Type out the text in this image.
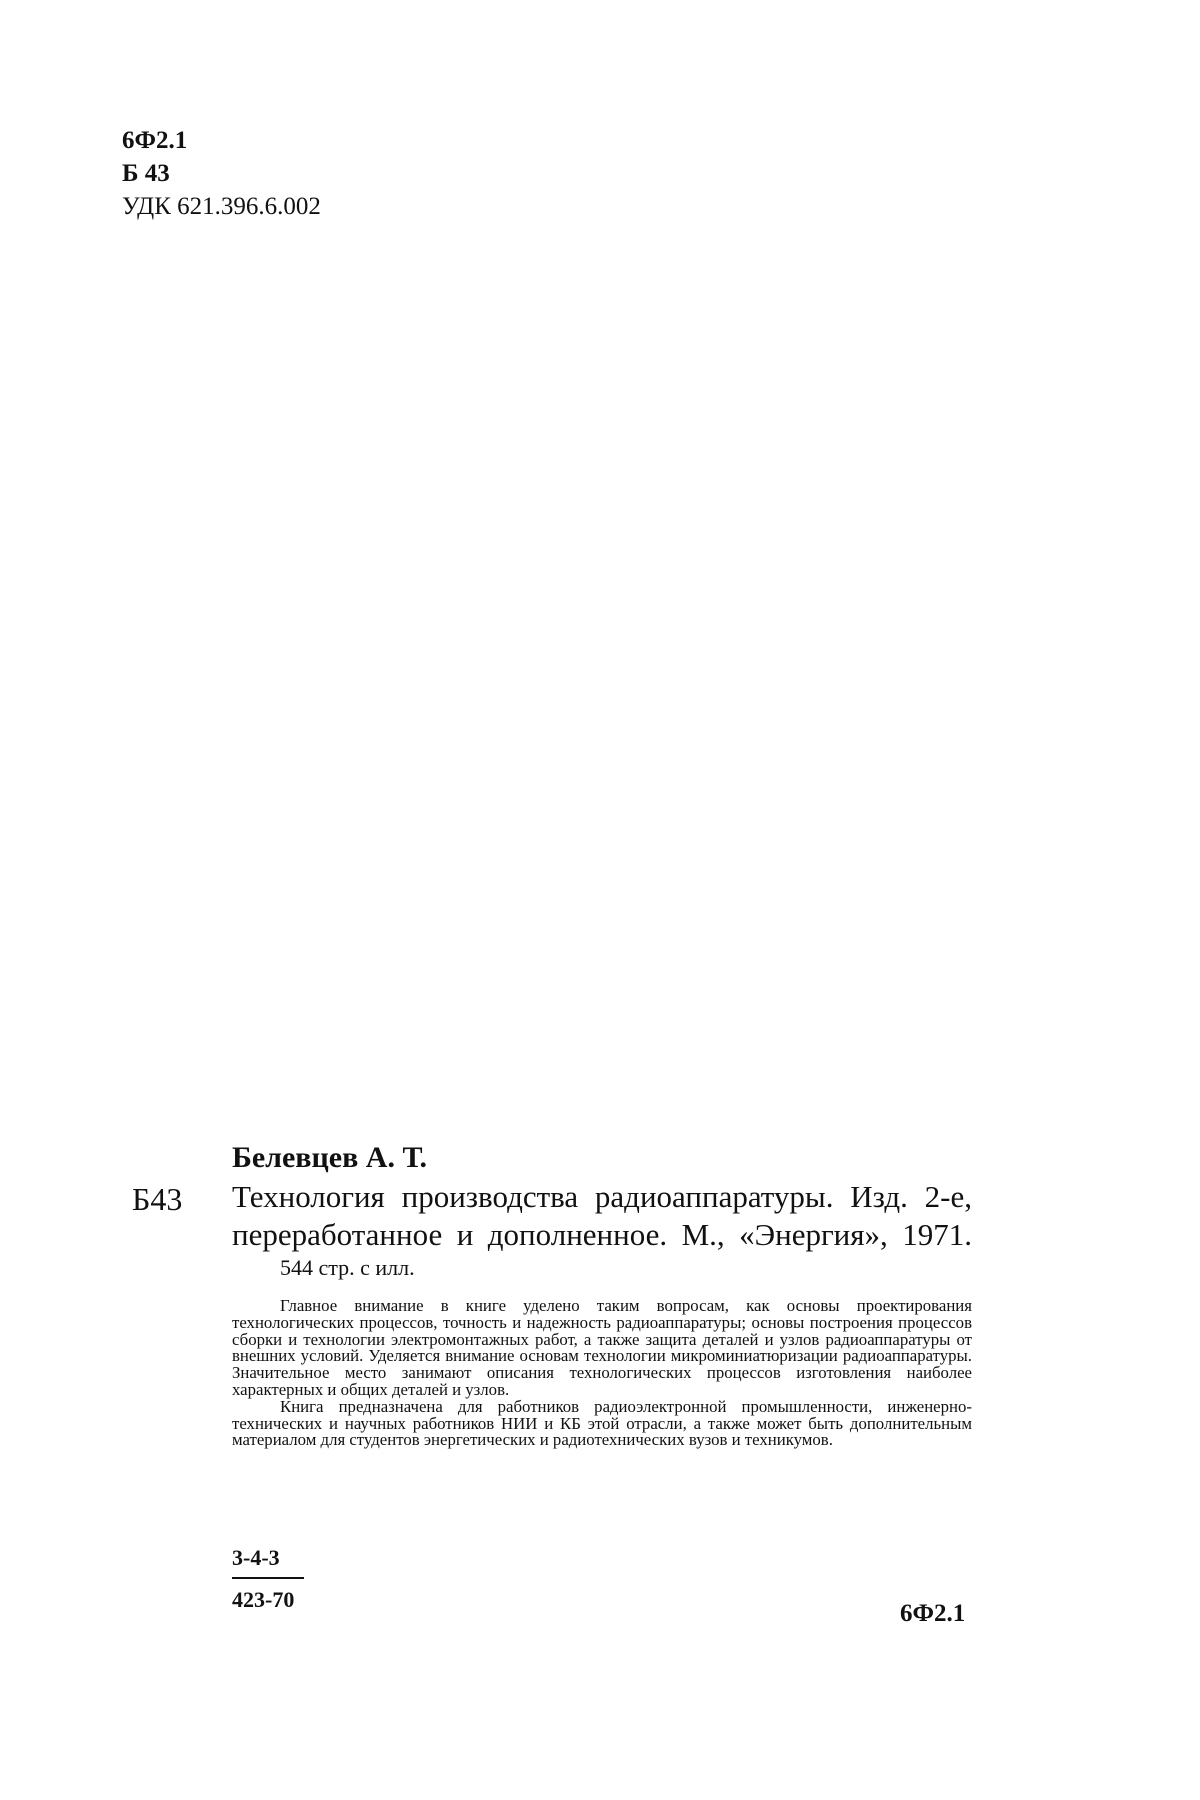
6Ф2.1
Б 43
УДК 621.396.6.002
Б43
Белевцев А. Т.
Технология производства радиоаппаратуры. Изд. 2-е,
переработанное и дополненное. М., «Энергия», 1971.
544 стр. с илл.

Главное внимание в книге уделено таким вопросам, как основы проектирования технологических процессов, точность и надежность радиоаппаратуры; основы построения процессов сборки и технологии электромонтажных работ, а также защита деталей и узлов радиоаппаратуры от внешних условий. Уделяется внимание основам технологии микроминиатюризации радиоаппаратуры. Значительное место занимают описания технологических процессов изготовления наиболее характерных и общих деталей и узлов.

Книга предназначена для работников радиоэлектронной промышленности, инженерно-технических и научных работников НИИ и КБ этой отрасли, а также может быть дополнительным материалом для студентов энергетических и радиотехнических вузов и техникумов.

$\frac{3-4-3}{423-70}$
6Ф2.1
